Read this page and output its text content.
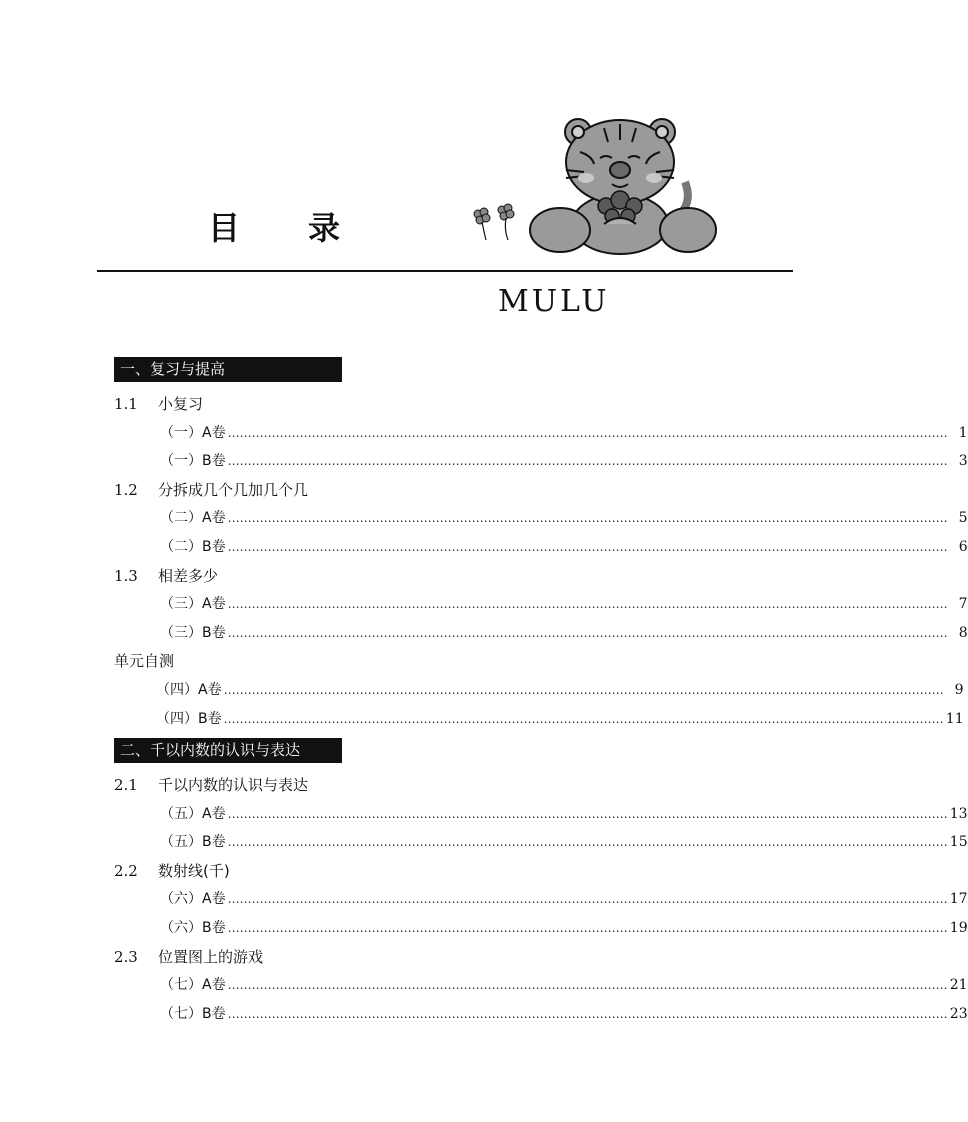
目 录
MULU
一、复习与提高
1.1 小复习
（一）A卷 ……………………………………………………………………………………………………………………………………………………………… 1
（一）B卷 ……………………………………………………………………………………………………………………………………………………………… 3
1.2 分拆成几个几加几个几
（二）A卷 ……………………………………………………………………………………………………………………………………………………………… 5
（二）B卷 ……………………………………………………………………………………………………………………………………………………………… 6
1.3 相差多少
（三）A卷 ……………………………………………………………………………………………………………………………………………………………… 7
（三）B卷 ……………………………………………………………………………………………………………………………………………………………… 8
单元自测
（四）A卷 ……………………………………………………………………………………………………………………………………………………………… 9
（四）B卷 ……………………………………………………………………………………………………………………………………………………………… 11
二、千以内数的认识与表达
2.1 千以内数的认识与表达
（五）A卷 ……………………………………………………………………………………………………………………………………………………………… 13
（五）B卷 ……………………………………………………………………………………………………………………………………………………………… 15
2.2 数射线(千)
（六）A卷 ……………………………………………………………………………………………………………………………………………………………… 17
（六）B卷 ……………………………………………………………………………………………………………………………………………………………… 19
2.3 位置图上的游戏
（七）A卷 ……………………………………………………………………………………………………………………………………………………………… 21
（七）B卷 ……………………………………………………………………………………………………………………………………………………………… 23
